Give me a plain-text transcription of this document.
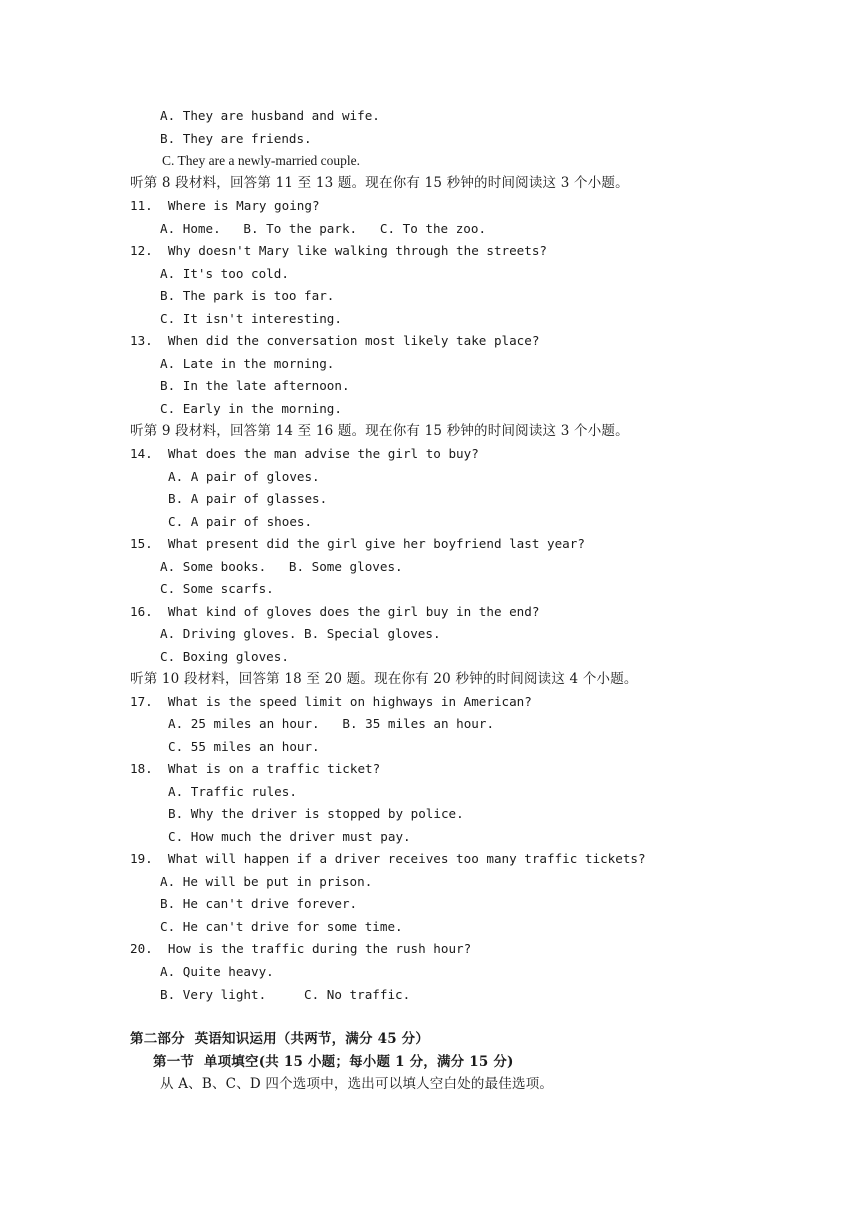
A. They are husband and wife.
B. They are friends.
C. They are a newly-married couple.
听第 8 段材料，回答第 11 至 13 题。现在你有 15 秒钟的时间阅读这 3 个小题。
11.  Where is Mary going?
A. Home.   B. To the park.   C. To the zoo.
12.  Why doesn't Mary like walking through the streets?
A. It's too cold.
B. The park is too far.
C. It isn't interesting.
13.  When did the conversation most likely take place?
A. Late in the morning.
B. In the late afternoon.
C. Early in the morning.
听第 9 段材料，回答第 14 至 16 题。现在你有 15 秒钟的时间阅读这 3 个小题。
14.  What does the man advise the girl to buy?
A. A pair of gloves.
B. A pair of glasses.
C. A pair of shoes.
15.  What present did the girl give her boyfriend last year?
A. Some books.   B. Some gloves.
C. Some scarfs.
16.  What kind of gloves does the girl buy in the end?
A. Driving gloves. B. Special gloves.
C. Boxing gloves.
听第 10 段材料，回答第 18 至 20 题。现在你有 20 秒钟的时间阅读这 4 个小题。
17.  What is the speed limit on highways in American?
A. 25 miles an hour.   B. 35 miles an hour.
C. 55 miles an hour.
18.  What is on a traffic ticket?
A. Traffic rules.
B. Why the driver is stopped by police.
C. How much the driver must pay.
19.  What will happen if a driver receives too many traffic tickets?
A. He will be put in prison.
B. He can't drive forever.
C. He can't drive for some time.
20.  How is the traffic during the rush hour?
A. Quite heavy.
B. Very light.     C. No traffic.
第二部分  英语知识运用（共两节，满分 45 分）
第一节  单项填空(共 15 小题；每小题 1 分，满分 15 分)
从 A、B、C、D 四个选项中，选出可以填人空白处的最佳选项。
